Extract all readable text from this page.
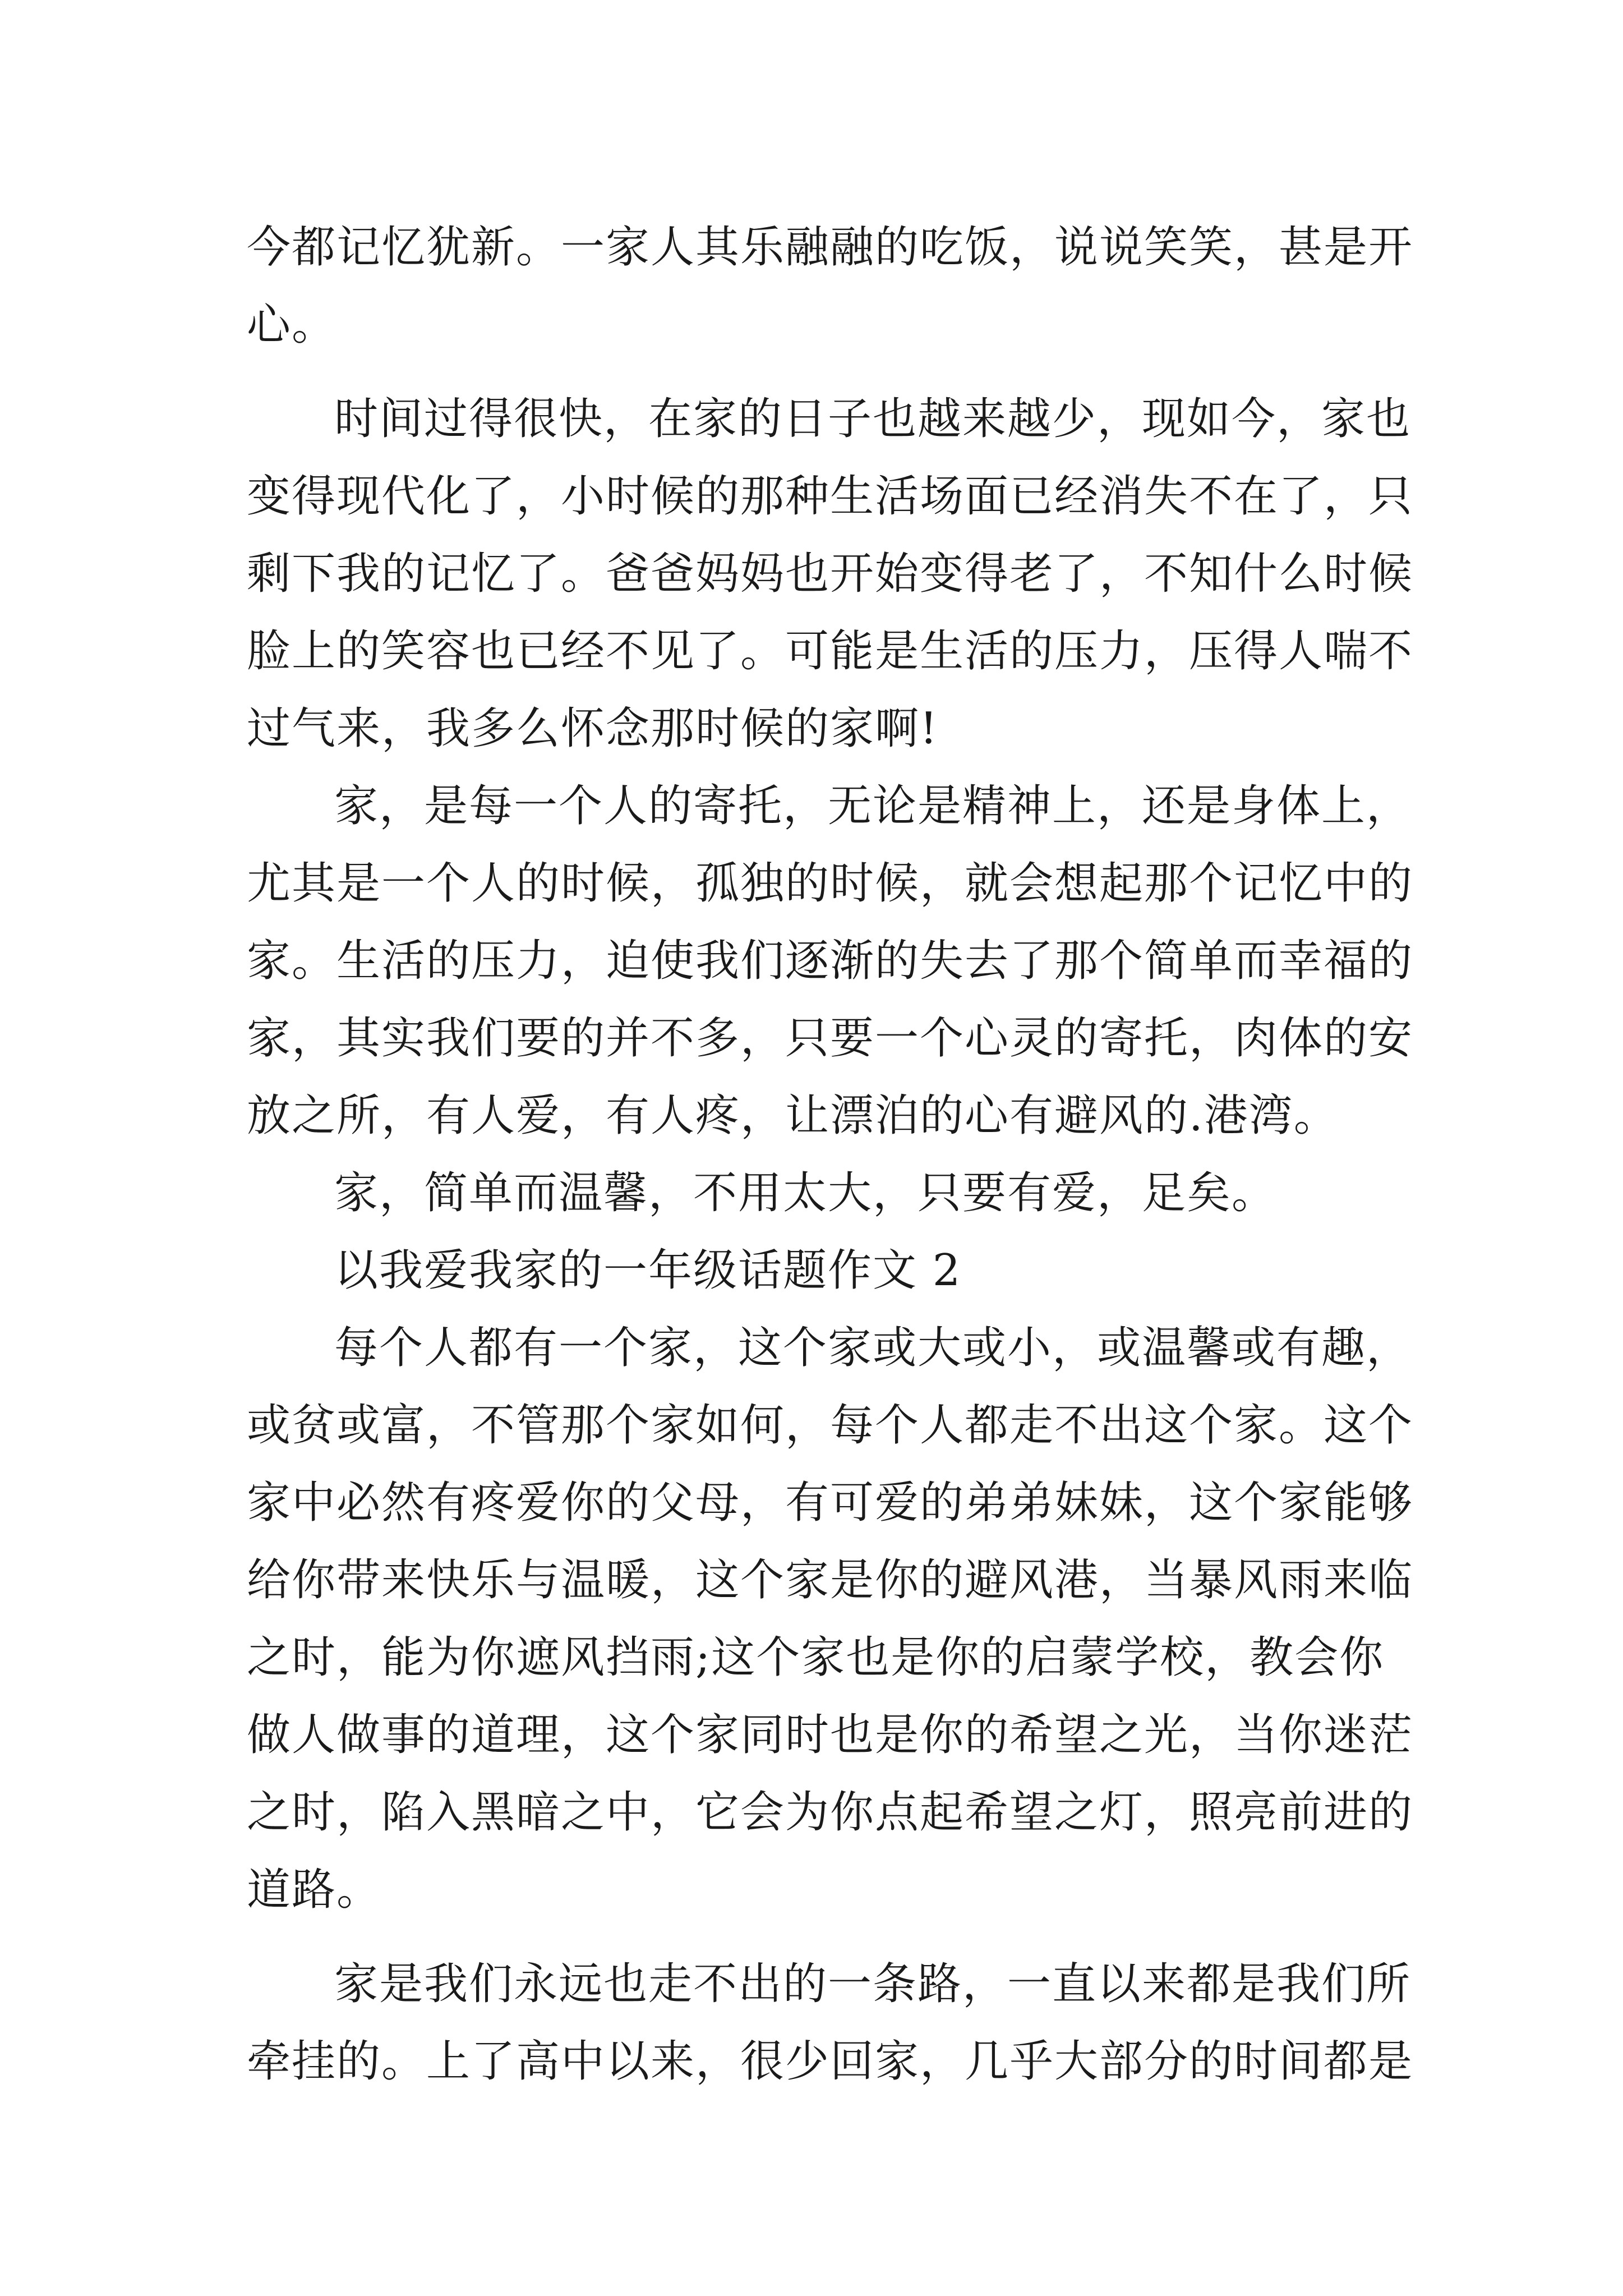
今都记忆犹新。一家人其乐融融的吃饭，说说笑笑，甚是开
心。
时间过得很快，在家的日子也越来越少，现如今，家也
变得现代化了，小时候的那种生活场面已经消失不在了，只
剩下我的记忆了。爸爸妈妈也开始变得老了，不知什么时候
脸上的笑容也已经不见了。可能是生活的压力，压得人喘不
过气来，我多么怀念那时候的家啊!
家，是每一个人的寄托，无论是精神上，还是身体上，
尤其是一个人的时候，孤独的时候，就会想起那个记忆中的
家。生活的压力，迫使我们逐渐的失去了那个简单而幸福的
家，其实我们要的并不多，只要一个心灵的寄托，肉体的安
放之所，有人爱，有人疼，让漂泊的心有避风的.港湾。
家，简单而温馨，不用太大，只要有爱，足矣。
以我爱我家的一年级话题作文 2
每个人都有一个家，这个家或大或小，或温馨或有趣，
或贫或富，不管那个家如何，每个人都走不出这个家。这个
家中必然有疼爱你的父母，有可爱的弟弟妹妹，这个家能够
给你带来快乐与温暖，这个家是你的避风港，当暴风雨来临
之时，能为你遮风挡雨;这个家也是你的启蒙学校，教会你
做人做事的道理，这个家同时也是你的希望之光，当你迷茫
之时，陷入黑暗之中，它会为你点起希望之灯，照亮前进的
道路。
家是我们永远也走不出的一条路，一直以来都是我们所
牵挂的。上了高中以来，很少回家，几乎大部分的时间都是
